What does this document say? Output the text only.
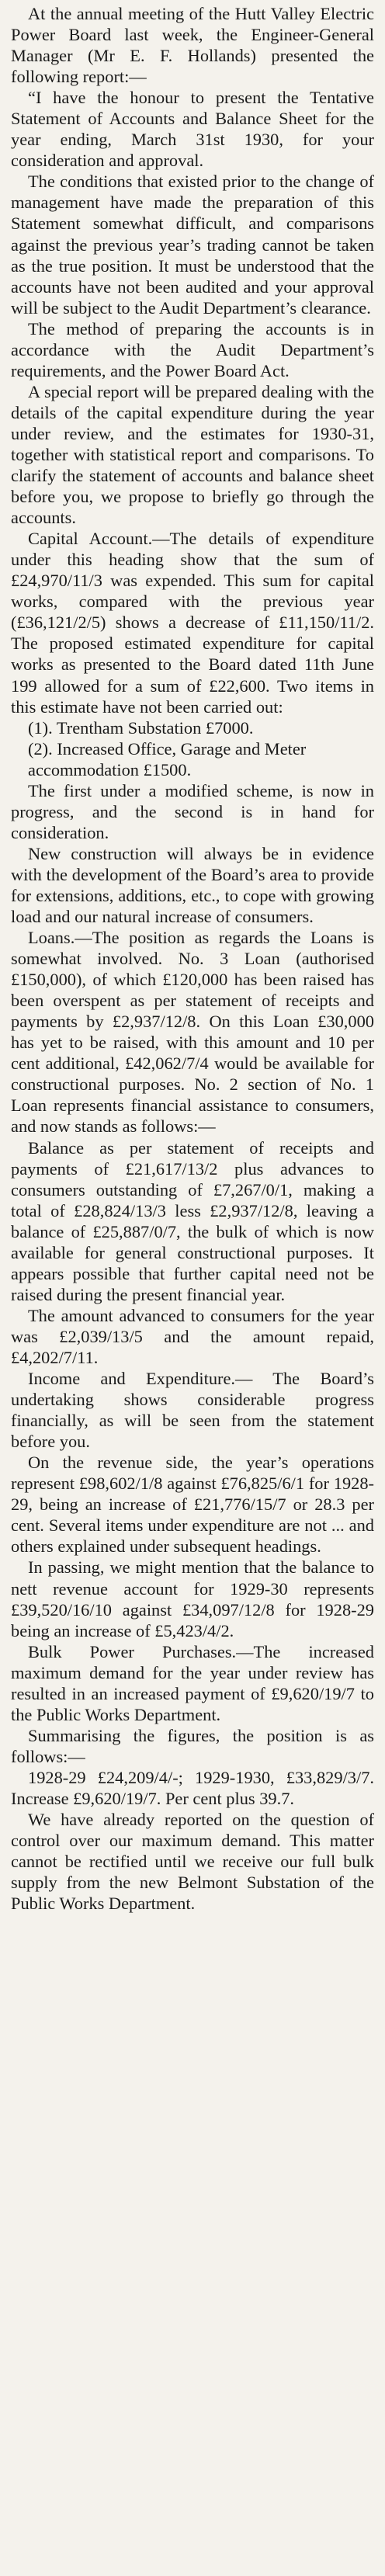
At the annual meeting of the Hutt Valley Electric Power Board last week, the Engineer-General Manager (Mr E. F. Hollands) presented the following report:—

“I have the honour to present the Tentative Statement of Accounts and Balance Sheet for the year ending, March 31st 1930, for your consideration and approval.

The conditions that existed prior to the change of management have made the preparation of this Statement somewhat difficult, and comparisons against the previous year’s trading cannot be taken as the true position. It must be understood that the accounts have not been audited and your approval will be subject to the Audit Department’s clearance.

The method of preparing the accounts is in accordance with the Audit Department’s requirements, and the Power Board Act.

A special report will be prepared dealing with the details of the capital expenditure during the year under review, and the estimates for 1930-31, together with statistical report and comparisons. To clarify the statement of accounts and balance sheet before you, we propose to briefly go through the accounts.

Capital Account.—The details of expenditure under this heading show that the sum of £24,970/11/3 was expended. This sum for capital works, compared with the previous year (£36,121/2/5) shows a decrease of £11,150/11/2. The proposed estimated expenditure for capital works as presented to the Board dated 11th June 199 allowed for a sum of £22,600. Two items in this estimate have not been carried out:

(1). Trentham Substation £7000.

(2). Increased Office, Garage and Meter accommodation £1500.

The first under a modified scheme, is now in progress, and the second is in hand for consideration.

New construction will always be in evidence with the development of the Board’s area to provide for extensions, additions, etc., to cope with growing load and our natural increase of consumers.

Loans.—The position as regards the Loans is somewhat involved. No. 3 Loan (authorised £150,000), of which £120,000 has been raised has been overspent as per statement of receipts and payments by £2,937/12/8. On this Loan £30,000 has yet to be raised, with this amount and 10 per cent additional, £42,062/7/4 would be available for constructional purposes. No. 2 section of No. 1 Loan represents financial assistance to consumers, and now stands as follows:—

Balance as per statement of receipts and payments of £21,617/13/2 plus advances to consumers outstanding of £7,267/0/1, making a total of £28,824/13/3 less £2,937/12/8, leaving a balance of £25,887/0/7, the bulk of which is now available for general constructional purposes. It appears possible that further capital need not be raised during the present financial year.

The amount advanced to consumers for the year was £2,039/13/5 and the amount repaid, £4,202/7/11.

Income and Expenditure.— The Board’s undertaking shows considerable progress financially, as will be seen from the statement before you.

On the revenue side, the year’s operations represent £98,602/1/8 against £76,825/6/1 for 1928-29, being an increase of £21,776/15/7 or 28.3 per cent. Several items under expenditure are not ... and others explained under subsequent headings.

In passing, we might mention that the balance to nett revenue account for 1929-30 represents £39,520/16/10 against £34,097/12/8 for 1928-29 being an increase of £5,423/4/2.

Bulk Power Purchases.—The increased maximum demand for the year under review has resulted in an increased payment of £9,620/19/7 to the Public Works Department.

Summarising the figures, the position is as follows:—

1928-29 £24,209/4/-; 1929-1930, £33,829/3/7. Increase £9,620/19/7. Per cent plus 39.7.

We have already reported on the question of control over our maximum demand. This matter cannot be rectified until we receive our full bulk supply from the new Belmont Substation of the Public Works Department.
